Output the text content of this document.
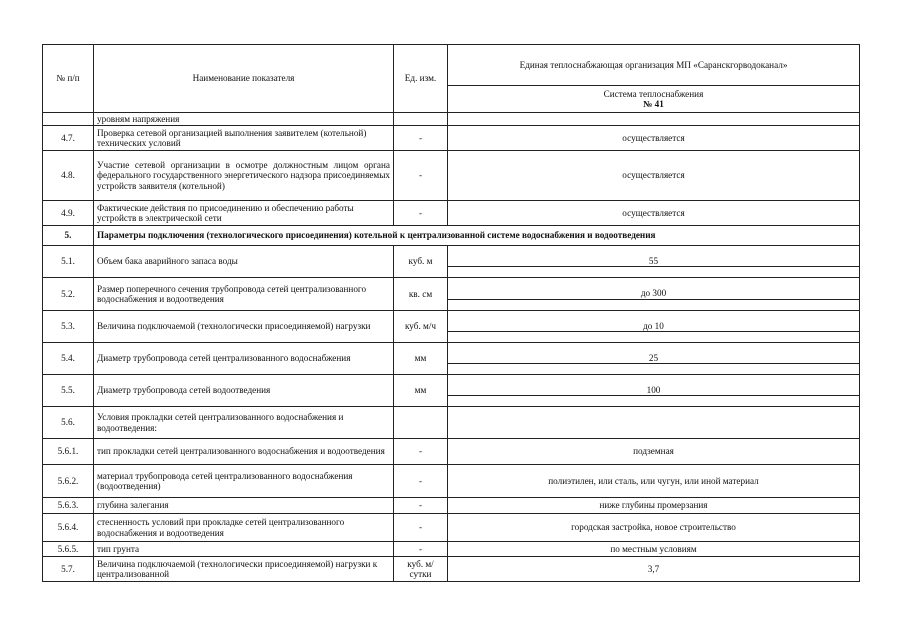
№ п/п	Наименование показателя	Ед. изм.	Единая теплоснабжающая организация МП «Саранскгорводоканал»

			Система теплоснабжения
№ 41

	уровням напряжения		
4.7.	Проверка сетевой организацией выполнения заявителем (котельной) технических условий	-	осуществляется
4.8.	Участие сетевой организации в осмотре должностным лицом органа федерального государственного энергетического надзора присоединяемых устройств заявителя (котельной)	-	осуществляется
4.9.	Фактические действия по присоединению и обеспечению работы устройств в электрической сети	-	осуществляется
5.	Параметры подключения (технологического присоединения) котельной к централизованной системе водоснабжения и водоотведения		
5.1.	Объем бака аварийного запаса воды	куб. м	55

5.2.	Размер поперечного сечения трубопровода сетей централизованного водоснабжения и водоотведения	кв. см	до 300

5.3.	Величина подключаемой (технологически присоединяемой) нагрузки	куб. м/ч	до 10

5.4.	Диаметр трубопровода сетей централизованного водоснабжения	мм	25

5.5.	Диаметр трубопровода сетей водоотведения	мм	100

5.6.	Условия прокладки сетей централизованного водоснабжения и водоотведения:		
5.6.1.	тип прокладки сетей централизованного водоснабжения и водоотведения	-	подземная
5.6.2.	материал трубопровода сетей централизованного водоснабжения (водоотведения)	-	полиэтилен, или сталь, или чугун, или иной материал
5.6.3.	глубина залегания	-	ниже глубины промерзания
5.6.4.	стесненность условий при прокладке сетей централизованного водоснабжения и водоотведения	-	городская застройка, новое строительство
5.6.5.	тип грунта	-	по местным условиям
5.7.	Величина подключаемой (технологически присоединяемой) нагрузки к централизованной	куб. м/сутки	3,7
